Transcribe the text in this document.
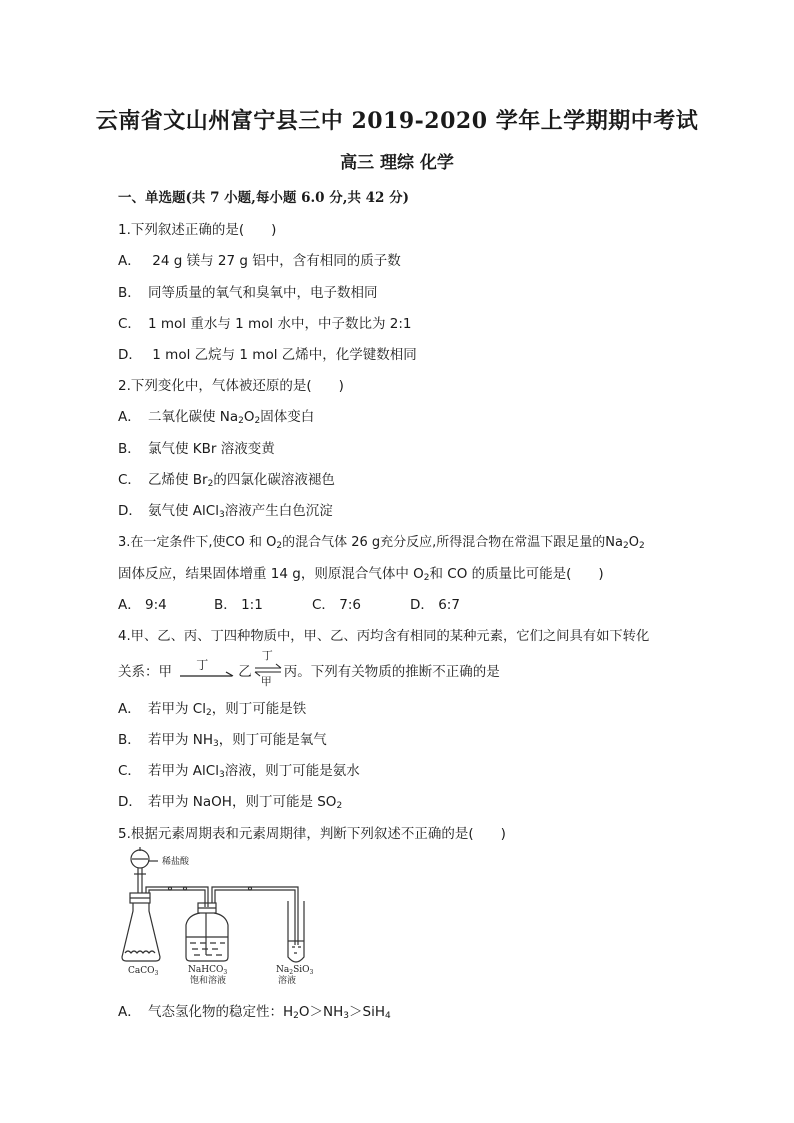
云南省文山州富宁县三中 2019-2020 学年上学期期中考试
高三 理综 化学
一、单选题(共 7 小题,每小题 6.0 分,共 42 分)
1.下列叙述正确的是(　　)
A． 24 g 镁与 27 g 铝中，含有相同的质子数
B． 同等质量的氧气和臭氧中，电子数相同
C． 1 mol 重水与 1 mol 水中，中子数比为 2:1
D． 1 mol 乙烷与 1 mol 乙烯中，化学键数相同
2.下列变化中，气体被还原的是(　　)
A． 二氧化碳使 $Na_2O_2$固体变白
B． 氯气使 KBr 溶液变黄
C． 乙烯使 $Br_2$的四氯化碳溶液褪色
D． 氨气使 AlCl$_3$溶液产生白色沉淀
3.在一定条件下,使CO 和 $O_2$的混合气体 26 g充分反应,所得混合物在常温下跟足量的$Na_2O_2$
固体反应，结果固体增重 14 g，则原混合气体中 $O_2$和 CO 的质量比可能是(　　)
A． 9:4	B． 1:1	C． 7:6	D． 6:7
4.甲、乙、丙、丁四种物质中，甲、乙、丙均含有相同的某种元素，它们之间具有如下转化
关系：甲 丁 乙
丁
甲
丙。下列有关物质的推断不正确的是
A． 若甲为 $Cl_2$，则丁可能是铁
B． 若甲为 $NH_3$，则丁可能是氧气
C． 若甲为 AlCl$_3$溶液，则丁可能是氨水
D． 若甲为 NaOH，则丁可能是 $SO_2$
5.根据元素周期表和元素周期律，判断下列叙述不正确的是(　　)
稀盐酸
CaCO$_3$	NaHCO$_3$
饱和溶液
$Na_2SiO_3$
溶液
A． 气态氢化物的稳定性：$H_2O>NH_3>SiH_4$
